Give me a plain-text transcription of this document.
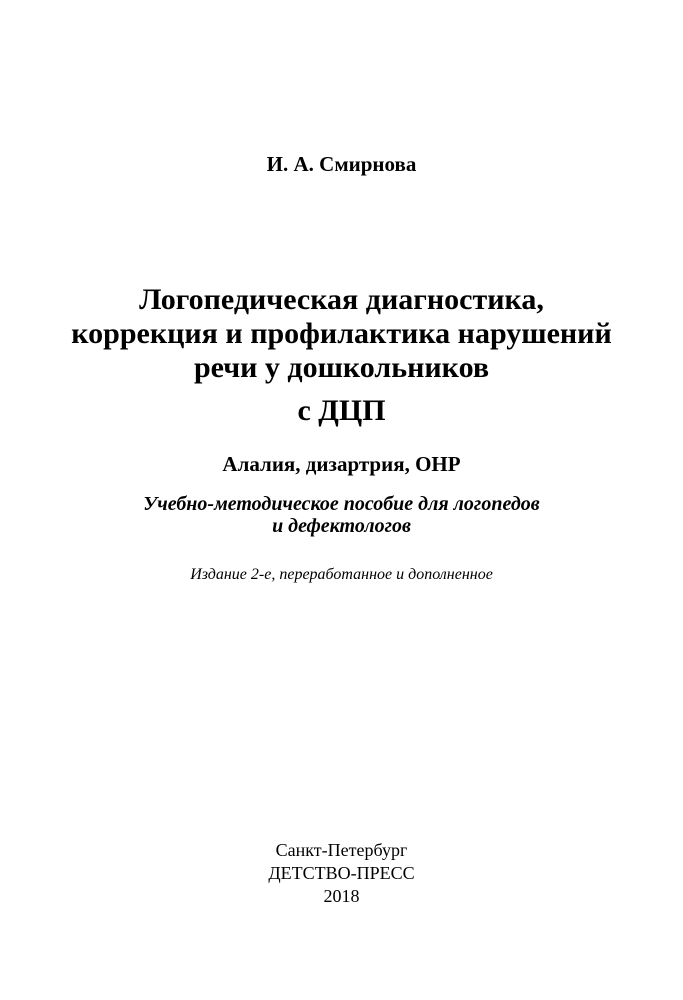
И. А. Смирнова

Логопедическая диагностика,
коррекция и профилактика нарушений
речи у дошкольников

с ДЦП

Алалия, дизартрия, ОНР

Учебно-методическое пособие для логопедов
и дефектологов

Издание 2-е, переработанное и дополненное

Санкт-Петербург
ДЕТСТВО-ПРЕСС
2018
